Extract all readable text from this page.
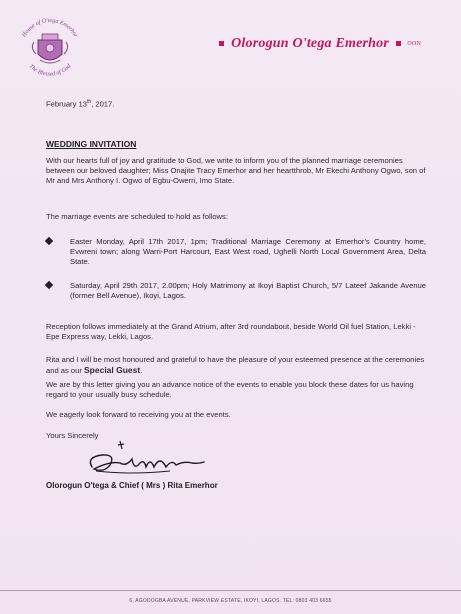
House of O'tega Emerhor
The Blessed of God
Olorogun O'tega Emerhor	OON
February 13th, 2017.
WEDDING INVITATION
With our hearts full of joy and gratitude to God, we write to inform you of the planned marriage ceremonies between our beloved daughter; Miss Onajite Tracy Emerhor and her heartthrob, Mr Ekechi Anthony Ogwo, son of Mr and Mrs Anthony I. Ogwo of Egbu-Owerri, Imo State.
The marriage events are scheduled to hold as follows:
Easter Monday, April 17th 2017, 1pm; Traditional Marriage Ceremony at Emerhor's Country home, Evwreni town; along Warri-Port Harcourt, East West road, Ughelli North Local Government Area, Delta State.
Saturday, April 29th 2017, 2.00pm; Holy Matrimony at Ikoyi Baptist Church, 5/7 Lateef Jakande Avenue (former Bell Avenue), Ikoyi, Lagos.
Reception follows immediately at the Grand Atrium, after 3rd roundabout, beside World Oil fuel Station, Lekki - Epe Express way, Lekki, Lagos.
Rita and I will be most honoured and grateful to have the pleasure of your esteemed presence at the ceremonies and as our Special Guest.
We are by this letter giving you an advance notice of the events to enable you block these dates for us having regard to your usually busy schedule.
We eagerly look forward to receiving you at the events.
Yours Sincerely
Olorogun O'tega & Chief ( Mrs ) Rita Emerhor
6, AGODOGBA AVENUE, PARKVIEW ESTATE, IKOYI, LAGOS. TEL: 0803 403 6655
